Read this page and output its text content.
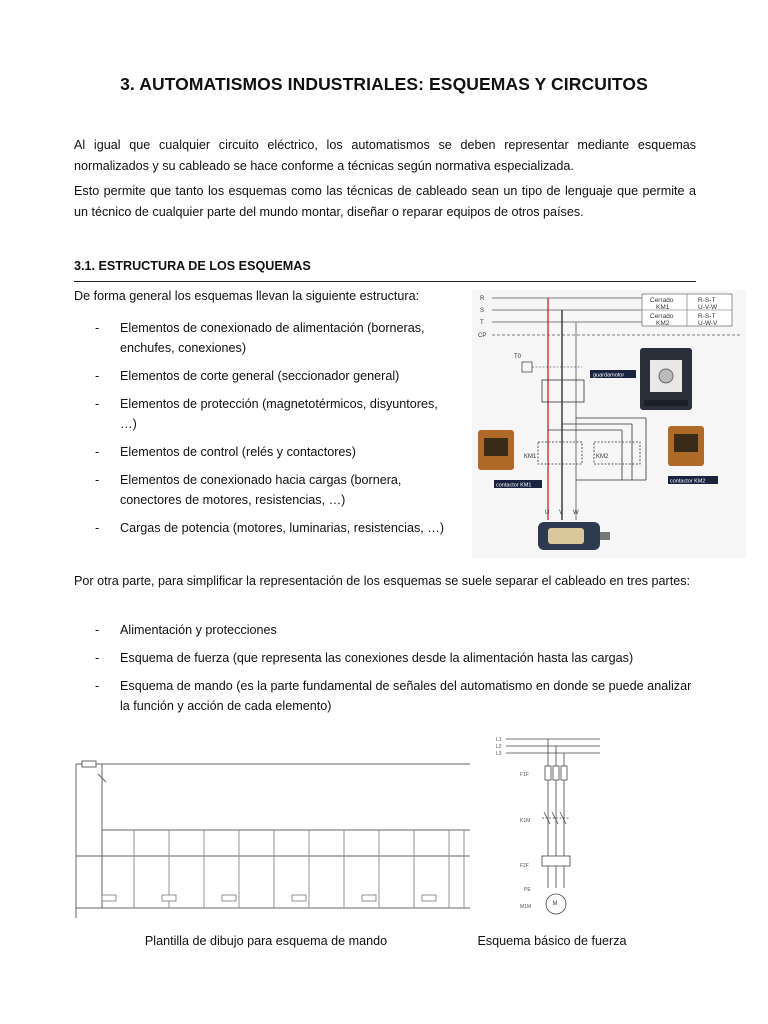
3. AUTOMATISMOS INDUSTRIALES: ESQUEMAS Y CIRCUITOS

Al igual que cualquier circuito eléctrico, los automatismos se deben representar mediante esquemas normalizados y su cableado se hace conforme a técnicas según normativa especializada.

Esto permite que tanto los esquemas como las técnicas de cableado sean un tipo de lenguaje que permite a un técnico de cualquier parte del mundo montar, diseñar o reparar equipos de otros países.

3.1. ESTRUCTURA DE LOS ESQUEMAS

De forma general los esquemas llevan la siguiente estructura:

- Elementos de conexionado de alimentación (borneras, enchufes, conexiones)
- Elementos de corte general (seccionador general)
- Elementos de protección (magnetotérmicos, disyuntores, …)
- Elementos de control (relés y contactores)
- Elementos de conexionado hacia cargas (bornera, conectores de motores, resistencias, …)
- Cargas de potencia (motores, luminarias, resistencias, …)
R
S
T
CP
Cerrado	R-S-T
KM1	U-V-W
Cerrado	R-S-T
KM2	U-W-V
T0
guardamotor
KM1	KM2
contactor KM1
contactor KM2
U V W

Por otra parte, para simplificar la representación de los esquemas se suele separar el cableado en tres partes:

- Alimentación y protecciones
- Esquema de fuerza (que representa las conexiones desde la alimentación hasta las cargas)
- Esquema de mando (es la parte fundamental de señales del automatismo en donde se puede analizar la función y acción de cada elemento)
L1
L2
L3
F1F
K1M
F2F
PE
M1M	M

Plantilla de dibujo para esquema de mando	Esquema básico de fuerza
